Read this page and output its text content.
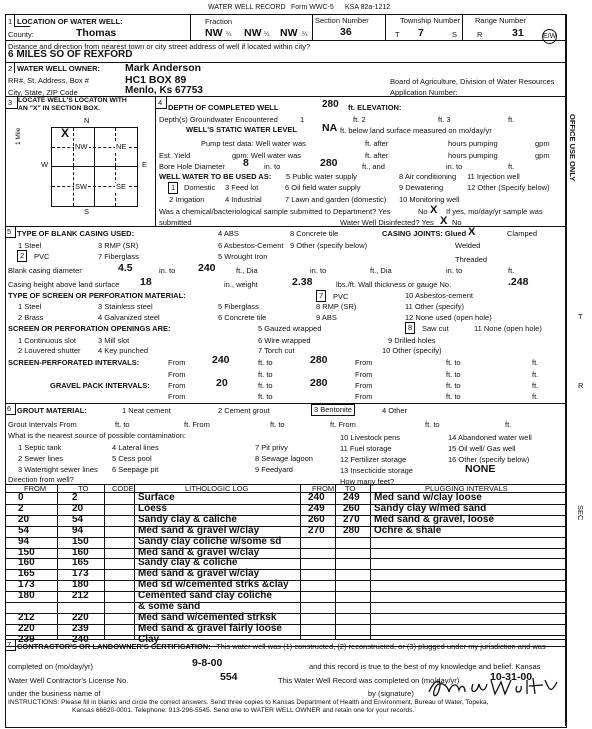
WATER WELL RECORD Form WWC-5 KSA 82a-1212
1 LOCATION OF WATER WELL:	Fraction	Section Number	Township Number Range Number
County:	Thomas	NW ¼ NW ¼ NW ¼	36	T 7	S	R	31	E/W
Distance and direction from nearest town or city street address of well if located within city?
6 MILES SO OF REXFORD
2 WATER WELL OWNER: Mark Anderson
RR#, St. Address, Box #	HC1 BOX 89	Board of Agriculture, Division of Water Resources
City, State, ZIP Code	Menlo, Ks 67753	Application Number:
3 LOCATE WELL'S LOCATON WITH
AN "X" IN SECTION BOX.
N
S
W	E
1 Mile
NW	NE
SW	SE
X
4
DEPTH OF COMPLETED WELL	280 ft. ELEVATION:
Depth(s) Groundwater Encountered	1	ft. 2	ft. 3	ft.
WELL'S STATIC WATER LEVEL NA ft. below land surface measured on mo/day/yr
Pump test data: Well water was	ft. after	hours pumping	gpm
Est. Yield	gpm: Well water was	ft. after	hours pumping	gpm
Bore Hole Diameter 8 in. to	280	ft., and	in. to	ft.
WELL WATER TO BE USED AS: 5 Public water supply	8 Air conditioning 11 Injection well
1	Domestic 3 Feed lot	6 Oil field water supply	9 Dewatering	12 Other (Specify below)
2 Irrigation	4 Industrial	7 Lawn and garden (domestic) 10 Monitoring well
Was a chemical/bacteriological sample submitted to Department? Yes	No X If yes, mo/day/yr sample was
submitted	Water Well Disinfected? Yes X No
5 TYPE OF BLANK CASING USED:	4 ABS	8 Concrete tile	CASING JOINTS: Glued X	Clamped
1 Steel	3 RMP (SR)	6 Asbestos-Cement 9 Other (specify below)	Welded
2	PVC	7 Fiberglass	5 Wrought Iron	Threaded
Blank casing diameter	4.5	in. to 240	ft., Dia	in. to	ft., Dia	in. to	ft.
Casing height above land surface 18	in., weight	2.38	lbs./ft. Wall thickness or gauge No.	.248
TYPE OF SCREEN OR PERFORATION MATERIAL:	7	PVC	10 Asbestos-cement
1 Steel	3 Stainless steel	5 Fiberglass	8 RMP (SR)	11 Other (specify)
2 Brass	4 Galvanized steel	6 Concrete tile	9 ABS	12 None used (open hole)
SCREEN OR PERFORATION OPENINGS ARE:	5 Gauzed wrapped	8	Saw cut	11 None (open hole)
1 Continuous slot	3 Mill slot	6 Wire wrapped	9 Drilled holes
2 Louvered shutter 4 Key punched	7 Torch cut	10 Other (specify)
SCREEN-PERFORATED INTERVALS:	From	240	ft. to	280	From	ft. to	ft.
From	ft. to	From	ft. to	ft.
GRAVEL PACK INTERVALS: From	20	ft. to	280	From	ft. to	ft.
From	ft. to	From	ft. to	ft.
6 GROUT MATERIAL:	1 Neat cement	2 Cement grout	3 Bentonite	4 Other
Grout Intervals From	ft. to	ft. From	ft. to	ft. From	ft. to	ft.
What is the nearest source of possible contamination:	10 Livestock pens	14 Abandoned water well
1 Septic tank	4 Lateral lines	7 Pit privy	11 Fuel storage	15 Oil well/ Gas well
2 Sewer lines	5 Cess pool	8 Sewage lagoon	12 Fertilizer storage	16 Other (specify below)
3 Watertight sewer lines 6 Seepage pit	9 Feedyard	13 Insecticide storage	NONE
Direction from well?	How many feet?
FROM	TO	CODE	LITHOLOGIC LOG	FROM TO	PLUGGING INTERVALS
0	2	Surface
2	20	Loess
20	54	Sandy clay & caliche
54	94	Med sand & gravel w/clay
94	150	Sandy clay coliche w/some sd
150	160	Med sand & gravel w/clay
160	165	Sandy clay & coliche
165	173	Med sand & gravel w/clay
173	180	Med sd w/cemented strks &clay
180	212	Cemented sand clay coliche
& some sand
212	220	Med sand w/cemented strksk
220	239	Med sand & gravel fairly loose
239	240	Clay
240 249 Med sand w/clay loose
249 260 Sandy clay w/med sand
260 270 Med sand & gravel, loose
270 280 Ochre & shale
7 CONTRACTOR'S OR LANDOWNER'S CERTIFICATION: This water well was (1) constructed, (2) reconstructed, or (3) plugged under my jurisdiction and was
completed on (mo/day/yr)	9-8-00	and this record is true to the best of my knowledge and belief. Kansas
Water Well Contractor's License No.	554	This Water Well Record was completed on (mo/day/yr)	10-31-00
under the business name of	by (signature)
INSTRUCTIONS: Please fill in blanks and circle the correct answers. Send three copies to Kansas Department of Health and Environment, Bureau of Water, Topeka,
Kansas 66620-0001. Telephone: 913-296-5545. Send one to WATER WELL OWNER and retain one for your records.
OFFICE USE ONLY
T
R
SEC
